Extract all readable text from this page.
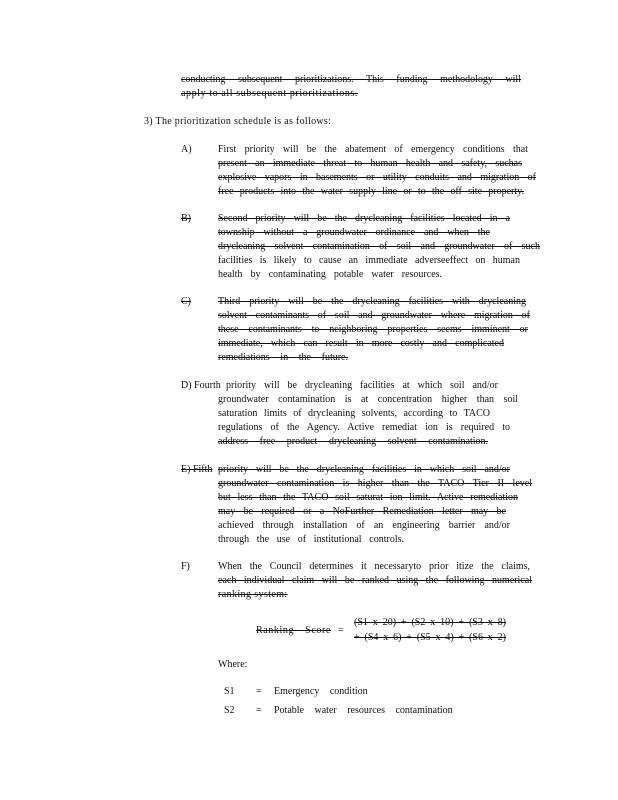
conducting subsequent prioritizations. This funding methodology will
apply to all subsequent prioritizations.
3) The prioritization schedule is as follows:
A)	First priority will be the abatement of emergency conditions that
present an immediate threat to human health and safety, suchas
explosive vapors in basements or utility conduits and migration of
free products into the water supply line or to the off site property.
B)	Second priority will be the drycleaning facilities located in a
township without a groundwater ordinance and when the
drycleaning solvent contamination of soil and groundwater of such
facilities is likely to cause an immediate adverseeffect on human
health by contaminating potable water resources.
C)	Third priority will be the drycleaning facilities with drycleaning
solvent contaminants of soil and groundwater where migration of
these contaminants to neighboring properties seems imminent or
immediate, which can result in more costly and complicated
remediations in the future.
D) Fourth priority will be drycleaning facilities at which soil and/or
groundwater contamination is at concentration higher than soil
saturation limits of drycleaning solvents, according to TACO
regulations of the Agency. Active remediat ion is required to
address free product drycleaning solvent contamination.
E) Fifth priority will be the drycleaning facilities in which soil and/or
groundwater contamination is higher than the TACO Tier II level
but less than the TACO soil saturat ion limit. Active remediation
may be required or a NoFurther Remediation letter may be
achieved through installation of an engineering barrier and/or
through the use of institutional controls.
F)	When the Council determines it necessaryto prior itize the claims,
each individual claim will be ranked using the following numerical
ranking system:
Ranking Score =
(S1 x 20) + (S2 x 10) + (S3 x 8)
+ (S4 x 6) + (S5 x 4) + (S6 x 2)
Where:
S1 = Emergency condition
S2 = Potable water resources contamination
